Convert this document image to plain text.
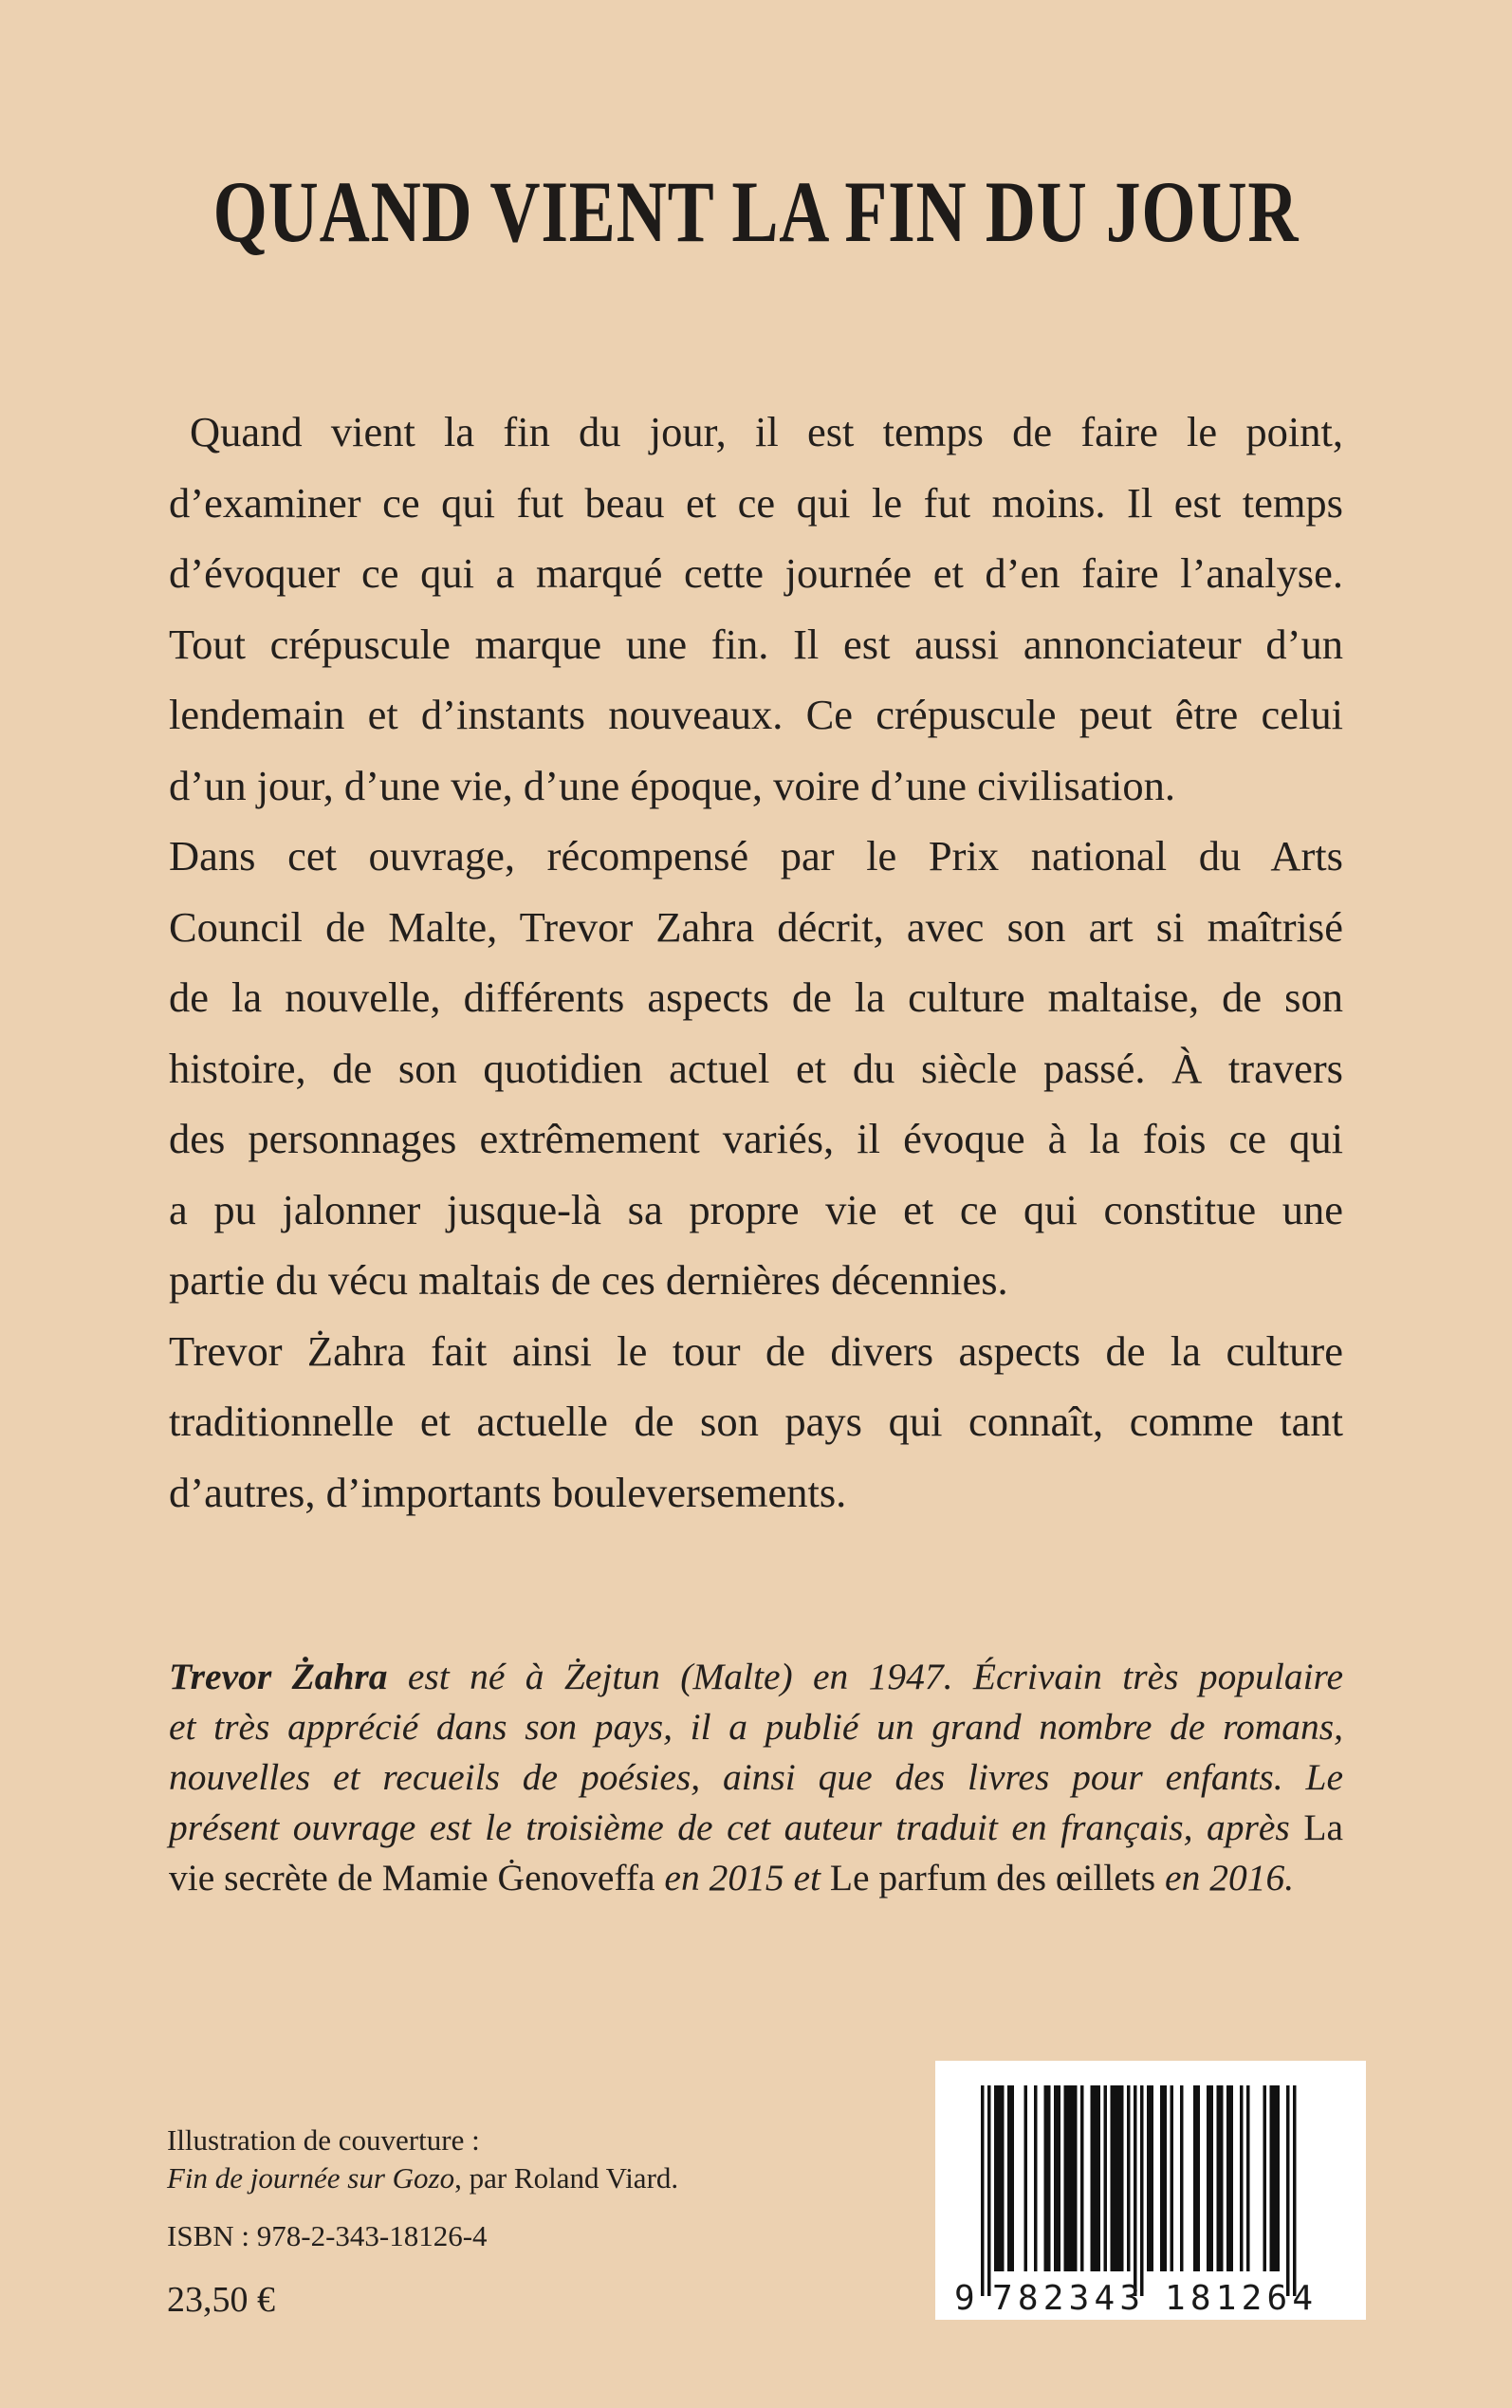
QUAND VIENT LA FIN DU JOUR

Quand vient la fin du jour, il est temps de faire le point,
d’examiner ce qui fut beau et ce qui le fut moins. Il est temps
d’évoquer ce qui a marqué cette journée et d’en faire l’analyse.
Tout crépuscule marque une fin. Il est aussi annonciateur d’un
lendemain et d’instants nouveaux. Ce crépuscule peut être celui
d’un jour, d’une vie, d’une époque, voire d’une civilisation.
Dans cet ouvrage, récompensé par le Prix national du Arts
Council de Malte, Trevor Zahra décrit, avec son art si maîtrisé
de la nouvelle, différents aspects de la culture maltaise, de son
histoire, de son quotidien actuel et du siècle passé. À travers
des personnages extrêmement variés, il évoque à la fois ce qui
a pu jalonner jusque-là sa propre vie et ce qui constitue une
partie du vécu maltais de ces dernières décennies.
Trevor Żahra fait ainsi le tour de divers aspects de la culture
traditionnelle et actuelle de son pays qui connaît, comme tant
d’autres, d’importants bouleversements.

Trevor Żahra est né à Żejtun (Malte) en 1947. Écrivain très populaire
et très apprécié dans son pays, il a publié un grand nombre de romans,
nouvelles et recueils de poésies, ainsi que des livres pour enfants. Le
présent ouvrage est le troisième de cet auteur traduit en français, après La
vie secrète de Mamie Ġenoveffa en 2015 et Le parfum des œillets en 2016.

Illustration de couverture :
Fin de journée sur Gozo, par Roland Viard.
ISBN : 978-2-343-18126-4
23,50 €	9 782343 181264
